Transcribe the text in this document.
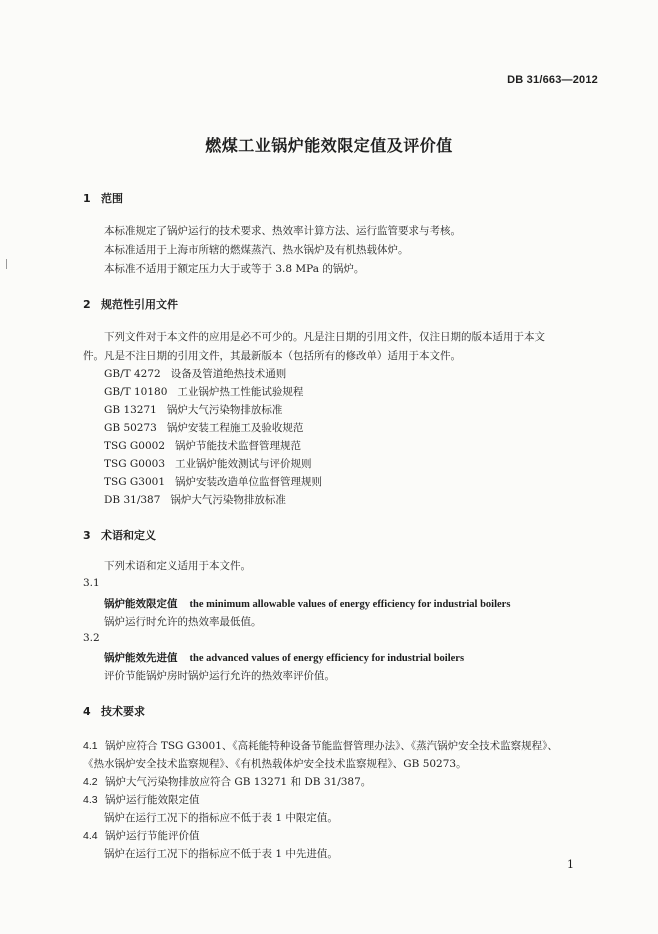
DB 31/663—2012
燃煤工业锅炉能效限定值及评价值
1 范围
本标准规定了锅炉运行的技术要求、热效率计算方法、运行监管要求与考核。
本标准适用于上海市所辖的燃煤蒸汽、热水锅炉及有机热载体炉。
本标准不适用于额定压力大于或等于 3.8 MPa 的锅炉。
2 规范性引用文件
下列文件对于本文件的应用是必不可少的。凡是注日期的引用文件，仅注日期的版本适用于本文
件。凡是不注日期的引用文件，其最新版本（包括所有的修改单）适用于本文件。
GB/T 4272 设备及管道绝热技术通则
GB/T 10180 工业锅炉热工性能试验规程
GB 13271 锅炉大气污染物排放标准
GB 50273 锅炉安装工程施工及验收规范
TSG G0002 锅炉节能技术监督管理规范
TSG G0003 工业锅炉能效测试与评价规则
TSG G3001 锅炉安装改造单位监督管理规则
DB 31/387 锅炉大气污染物排放标准
3 术语和定义
下列术语和定义适用于本文件。
3.1
锅炉能效限定值 the minimum allowable values of energy efficiency for industrial boilers
锅炉运行时允许的热效率最低值。
3.2
锅炉能效先进值 the advanced values of energy efficiency for industrial boilers
评价节能锅炉房时锅炉运行允许的热效率评价值。
4 技术要求
4.1 锅炉应符合 TSG G3001、《高耗能特种设备节能监督管理办法》、《蒸汽锅炉安全技术监察规程》、
《热水锅炉安全技术监察规程》、《有机热载体炉安全技术监察规程》、GB 50273。
4.2 锅炉大气污染物排放应符合 GB 13271 和 DB 31/387。
4.3 锅炉运行能效限定值
锅炉在运行工况下的指标应不低于表 1 中限定值。
4.4 锅炉运行节能评价值
锅炉在运行工况下的指标应不低于表 1 中先进值。
1
